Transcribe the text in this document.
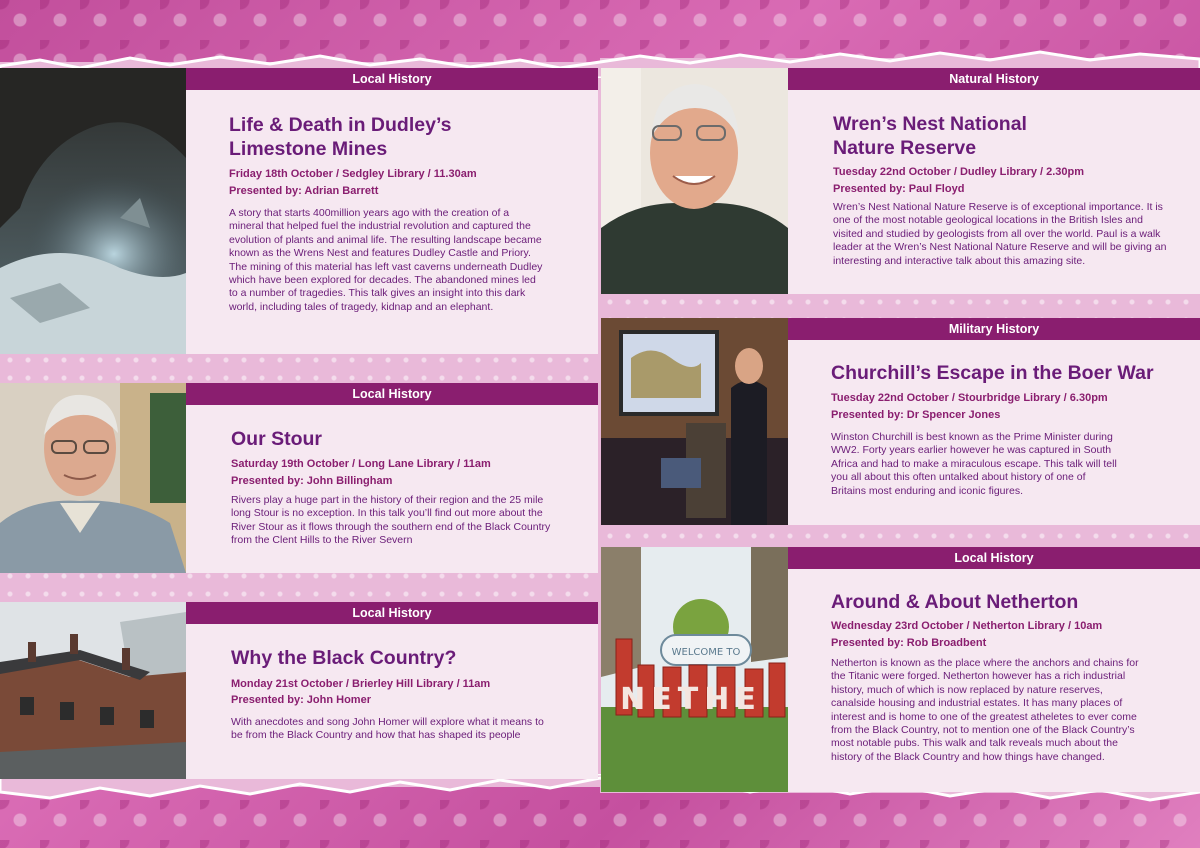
Local History
Life & Death in Dudley’s
Limestone Mines
Friday 18th October / Sedgley Library / 11.30am
Presented by: Adrian Barrett

A story that starts 400million years ago with the creation of a mineral that helped fuel the industrial revolution and captured the evolution of plants and animal life. The resulting landscape became known as the Wrens Nest and features Dudley Castle and Priory. The mining of this material has left vast caverns underneath Dudley which have been explored for decades. The abandoned mines led to a number of tragedies. This talk gives an insight into this dark world, including tales of tragedy, kidnap and an elephant.

Local History
Our Stour
Saturday 19th October / Long Lane Library / 11am
Presented by: John Billingham

Rivers play a huge part in the history of their region and the 25 mile long Stour is no exception. In this talk you’ll find out more about the River Stour as it flows through the southern end of the Black Country from the Clent Hills to the River Severn

Local History
Why the Black Country?
Monday 21st October / Brierley Hill Library / 11am
Presented by: John Homer

With anecdotes and song John Homer will explore what it means to be from the Black Country and how that has shaped its people

Natural History
Wren’s Nest National
Nature Reserve
Tuesday 22nd October / Dudley Library / 2.30pm
Presented by: Paul Floyd

Wren’s Nest National Nature Reserve is of exceptional importance. It is one of the most notable geological locations in the British Isles and visited and studied by geologists from all over the world. Paul is a walk leader at the Wren’s Nest National Nature Reserve and will be giving an interesting and interactive talk about this amazing site.

Military History
Churchill’s Escape in the Boer War
Tuesday 22nd October / Stourbridge Library / 6.30pm
Presented by: Dr Spencer Jones

Winston Churchill is best known as the Prime Minister during WW2. Forty years earlier however he was captured in South Africa and had to make a miraculous escape. This talk will tell you all about this often untalked about history of one of Britains most enduring and iconic figures.

Local History
WELCOME TO
NETHE
Around & About Netherton
Wednesday 23rd October / Netherton Library / 10am
Presented by: Rob Broadbent

Netherton is known as the place where the anchors and chains for the Titanic were forged. Netherton however has a rich industrial history, much of which is now replaced by nature reserves, canalside housing and industrial estates. It has many places of interest and is home to one of the greatest atheletes to ever come from the Black Country, not to mention one of the Black Country’s most notable pubs. This walk and talk reveals much about the history of the Black Country and how things have changed.
